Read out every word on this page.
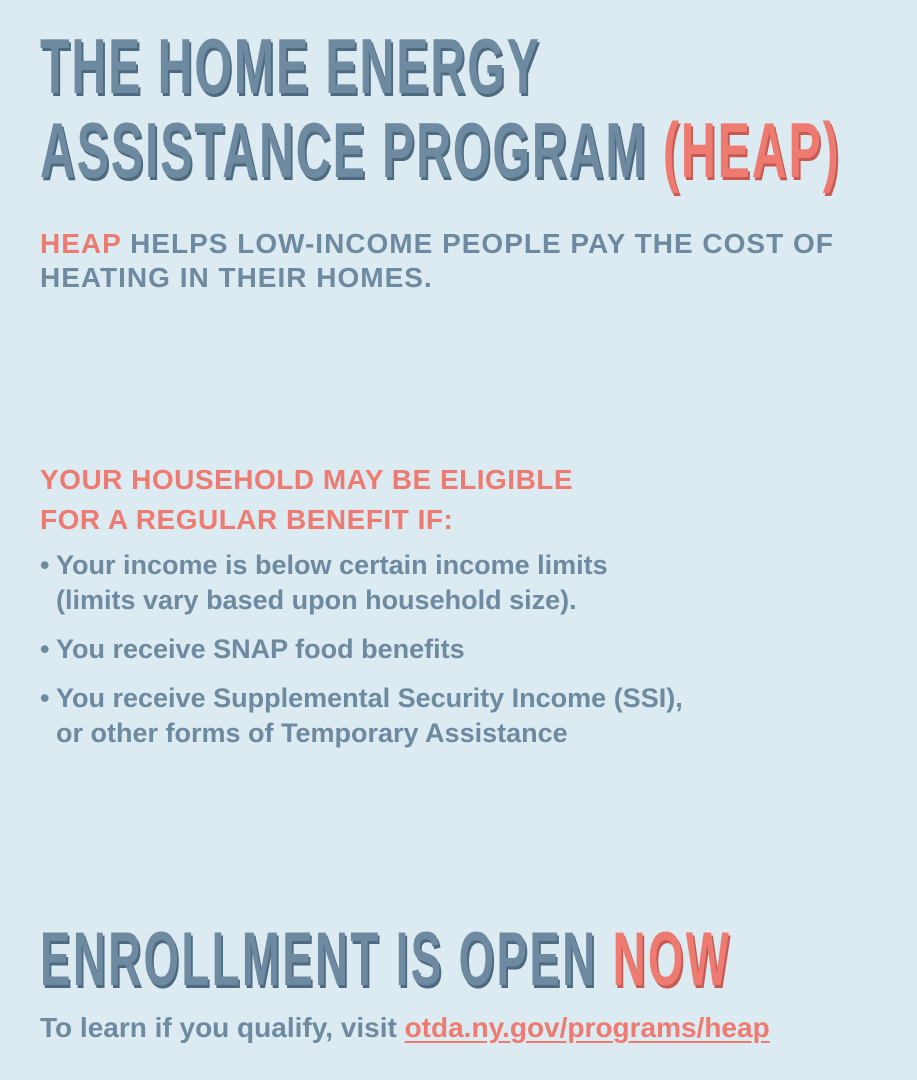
THE HOME ENERGY
ASSISTANCE PROGRAM (HEAP)
HEAP HELPS LOW-INCOME PEOPLE PAY THE COST OF HEATING IN THEIR HOMES.
YOUR HOUSEHOLD MAY BE ELIGIBLE
FOR A REGULAR BENEFIT IF:
• Your income is below certain income limits
(limits vary based upon household size).
• You receive SNAP food benefits
• You receive Supplemental Security Income (SSI),
or other forms of Temporary Assistance
ENROLLMENT IS OPEN NOW
To learn if you qualify, visit otda.ny.gov/programs/heap
